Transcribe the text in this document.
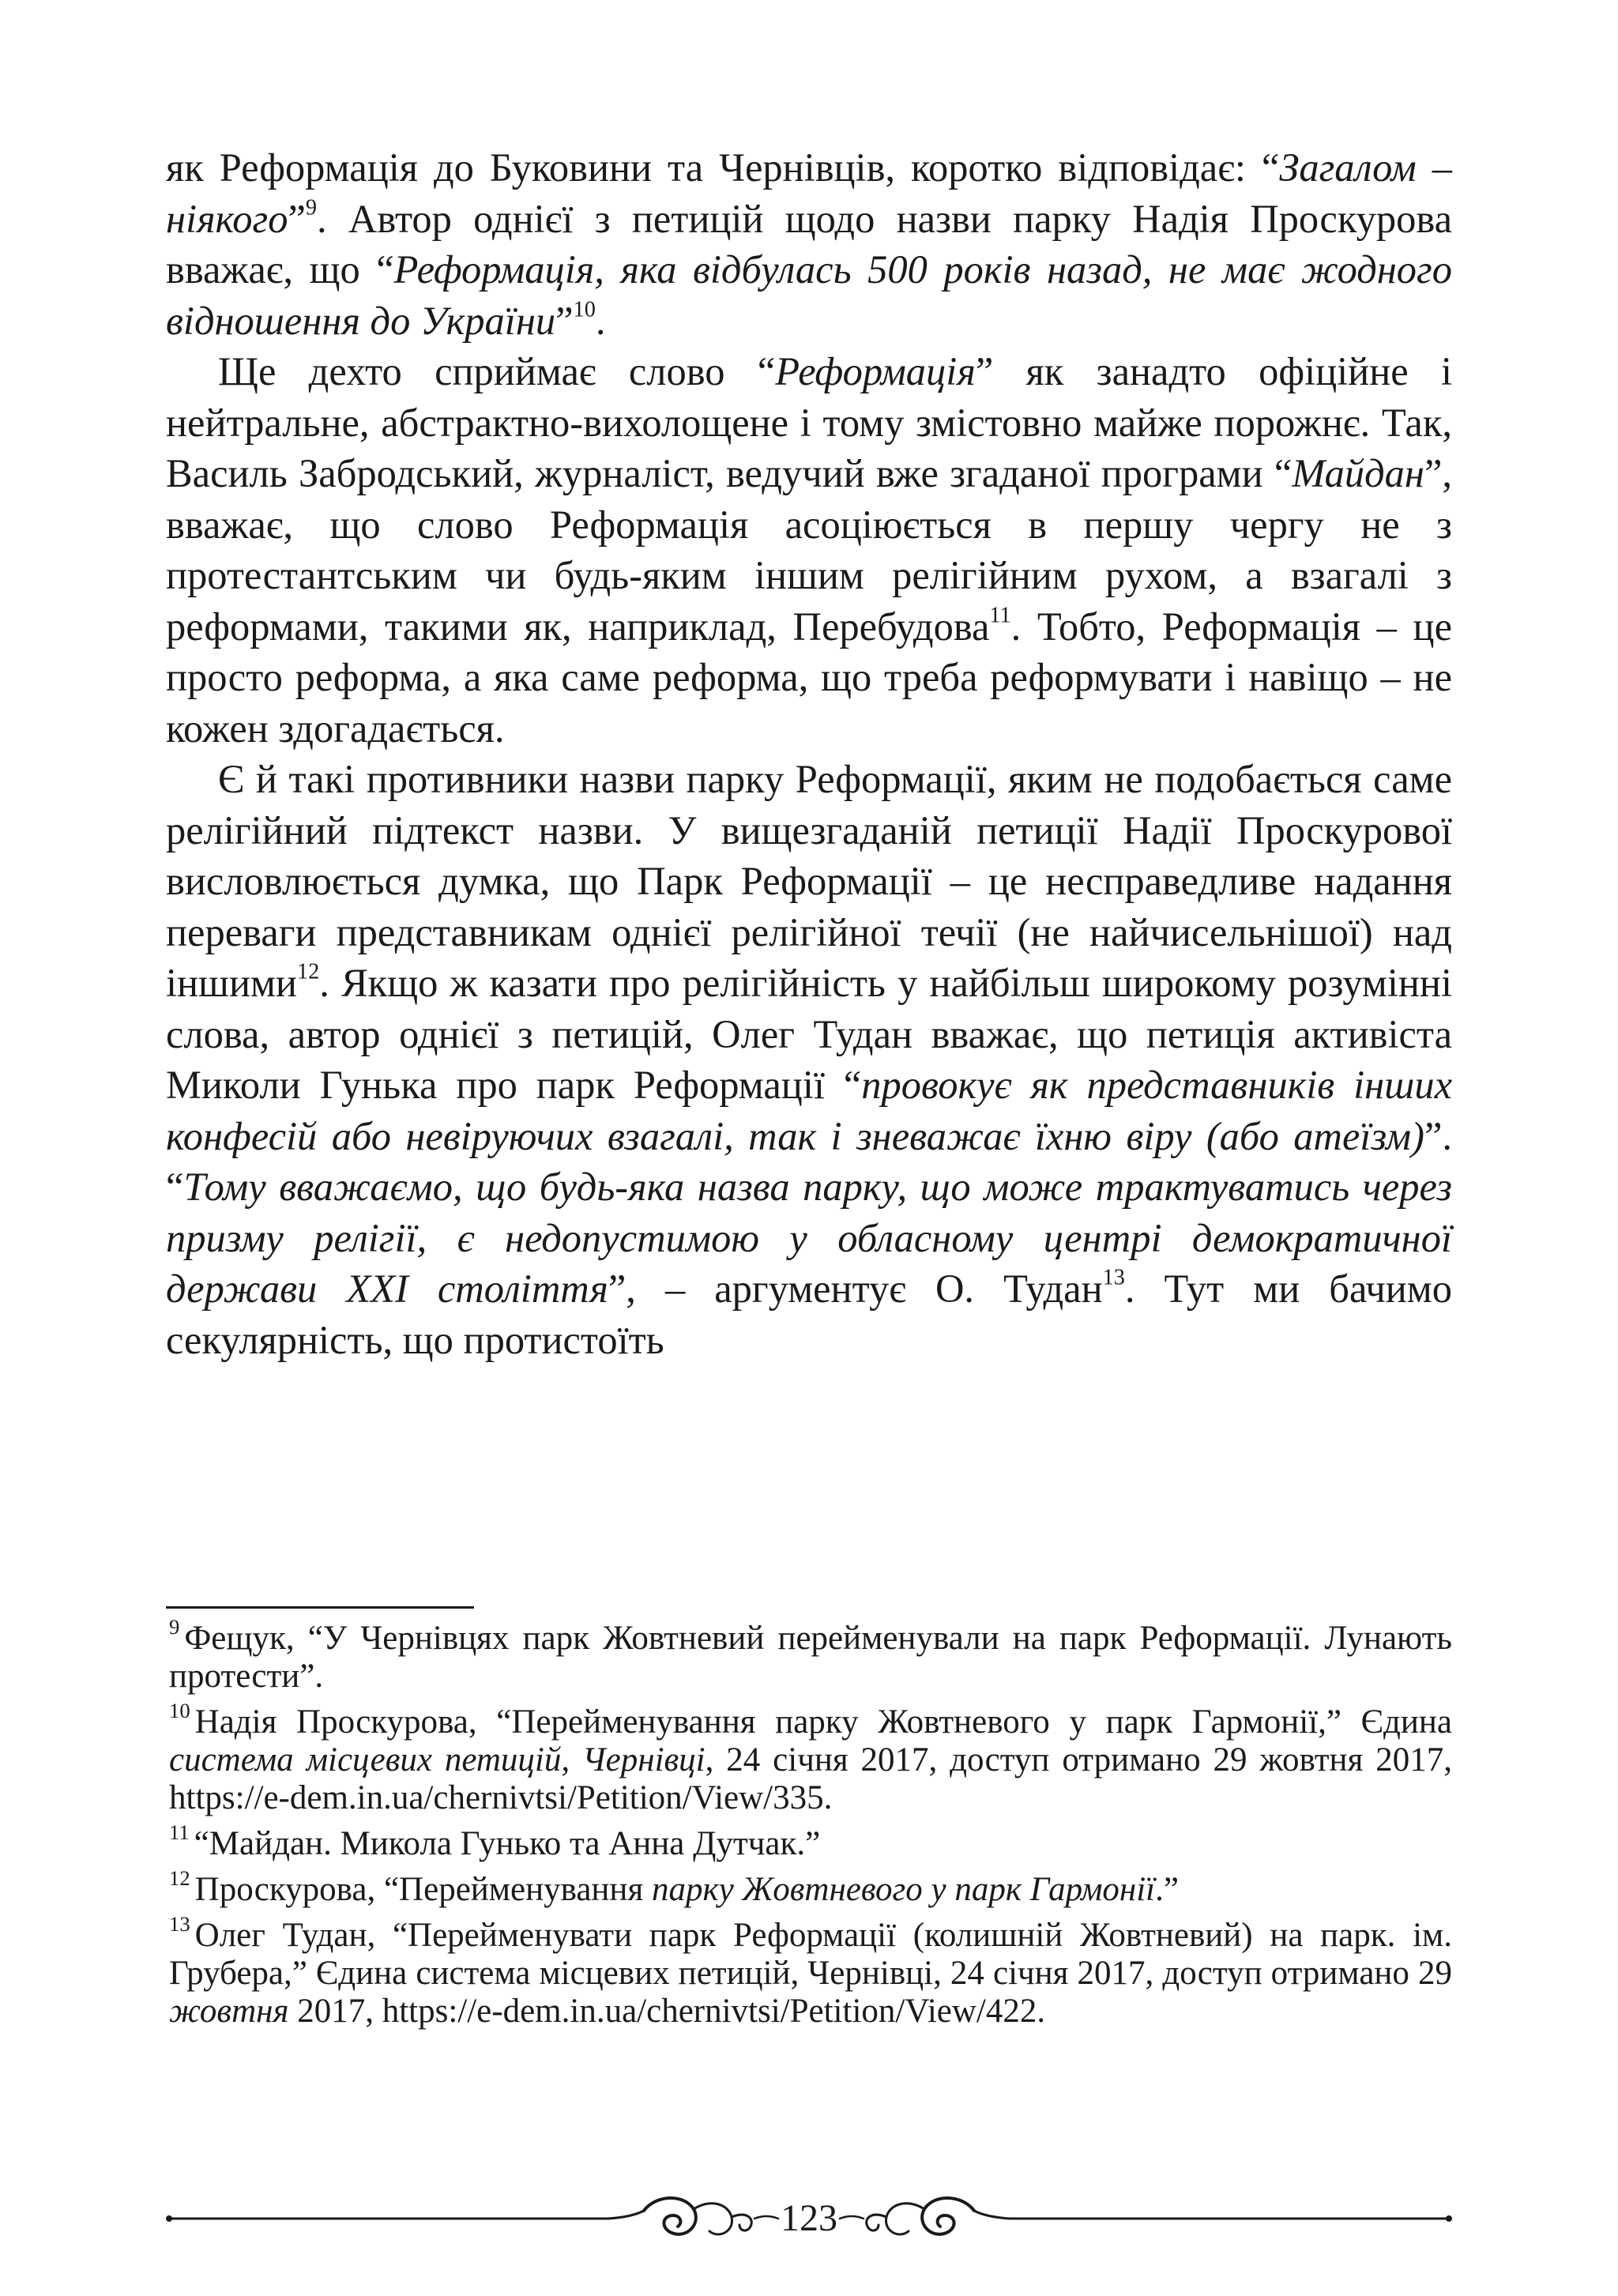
як Реформація до Буковини та Чернівців, коротко відповідає: “Загалом – ніякого”$^9$. Автор однієї з петицій щодо назви парку Надія Проскурова вважає, що “Реформація, яка відбулась 500 років назад, не має жодного відношення до України”$^{10}$.

Ще дехто сприймає слово “Реформація” як занадто офіційне і нейтральне, абстрактно-вихолощене і тому змістовно майже порожнє. Так, Василь Забродський, журналіст, ведучий вже згаданої програми “Майдан”, вважає, що слово Реформація асоціюється в першу чергу не з протестантським чи будь-яким іншим релігійним рухом, а взагалі з реформами, такими як, наприклад, Перебудова$^{11}$. Тобто, Реформація – це просто реформа, а яка саме реформа, що треба реформувати і навіщо – не кожен здогадається.

Є й такі противники назви парку Реформації, яким не подобається саме релігійний підтекст назви. У вищезгаданій петиції Надії Проскурової висловлюється думка, що Парк Реформації – це несправедливе надання переваги представникам однієї релігійної течії (не найчисельнішої) над іншими$^{12}$. Якщо ж казати про релігійність у найбільш широкому розумінні слова, автор однієї з петицій, Олег Тудан вважає, що петиція активіста Миколи Гунька про парк Реформації “провокує як представників інших конфесій або невіруючих взагалі, так і зневажає їхню віру (або атеїзм)”. “Тому вважаємо, що будь-яка назва парку, що може трактуватись через призму релігії, є недопустимою у обласному центрі демократичної держави XXI століття”, – аргументує О. Тудан$^{13}$. Тут ми бачимо секулярність, що протистоїть

$^9$ Фещук, “У Чернівцях парк Жовтневий перейменували на парк Реформації. Лунають протести”.

$^{10}$ Надія Проскурова, “Перейменування парку Жовтневого у парк Гармонії,” Єдина система місцевих петицій, Чернівці, 24 січня 2017, доступ отримано 29 жовтня 2017, https://e-dem.in.ua/chernivtsi/Petition/View/335.

$^{11}$ “Майдан. Микола Гунько та Анна Дутчак.”

$^{12}$ Проскурова, “Перейменування парку Жовтневого у парк Гармонії.”

$^{13}$ Олег Тудан, “Перейменувати парк Реформації (колишній Жовтневий) на парк. ім. Грубера,” Єдина система місцевих петицій, Чернівці, 24 січня 2017, доступ отримано 29 жовтня 2017, https://e-dem.in.ua/chernivtsi/Petition/View/422.

123
